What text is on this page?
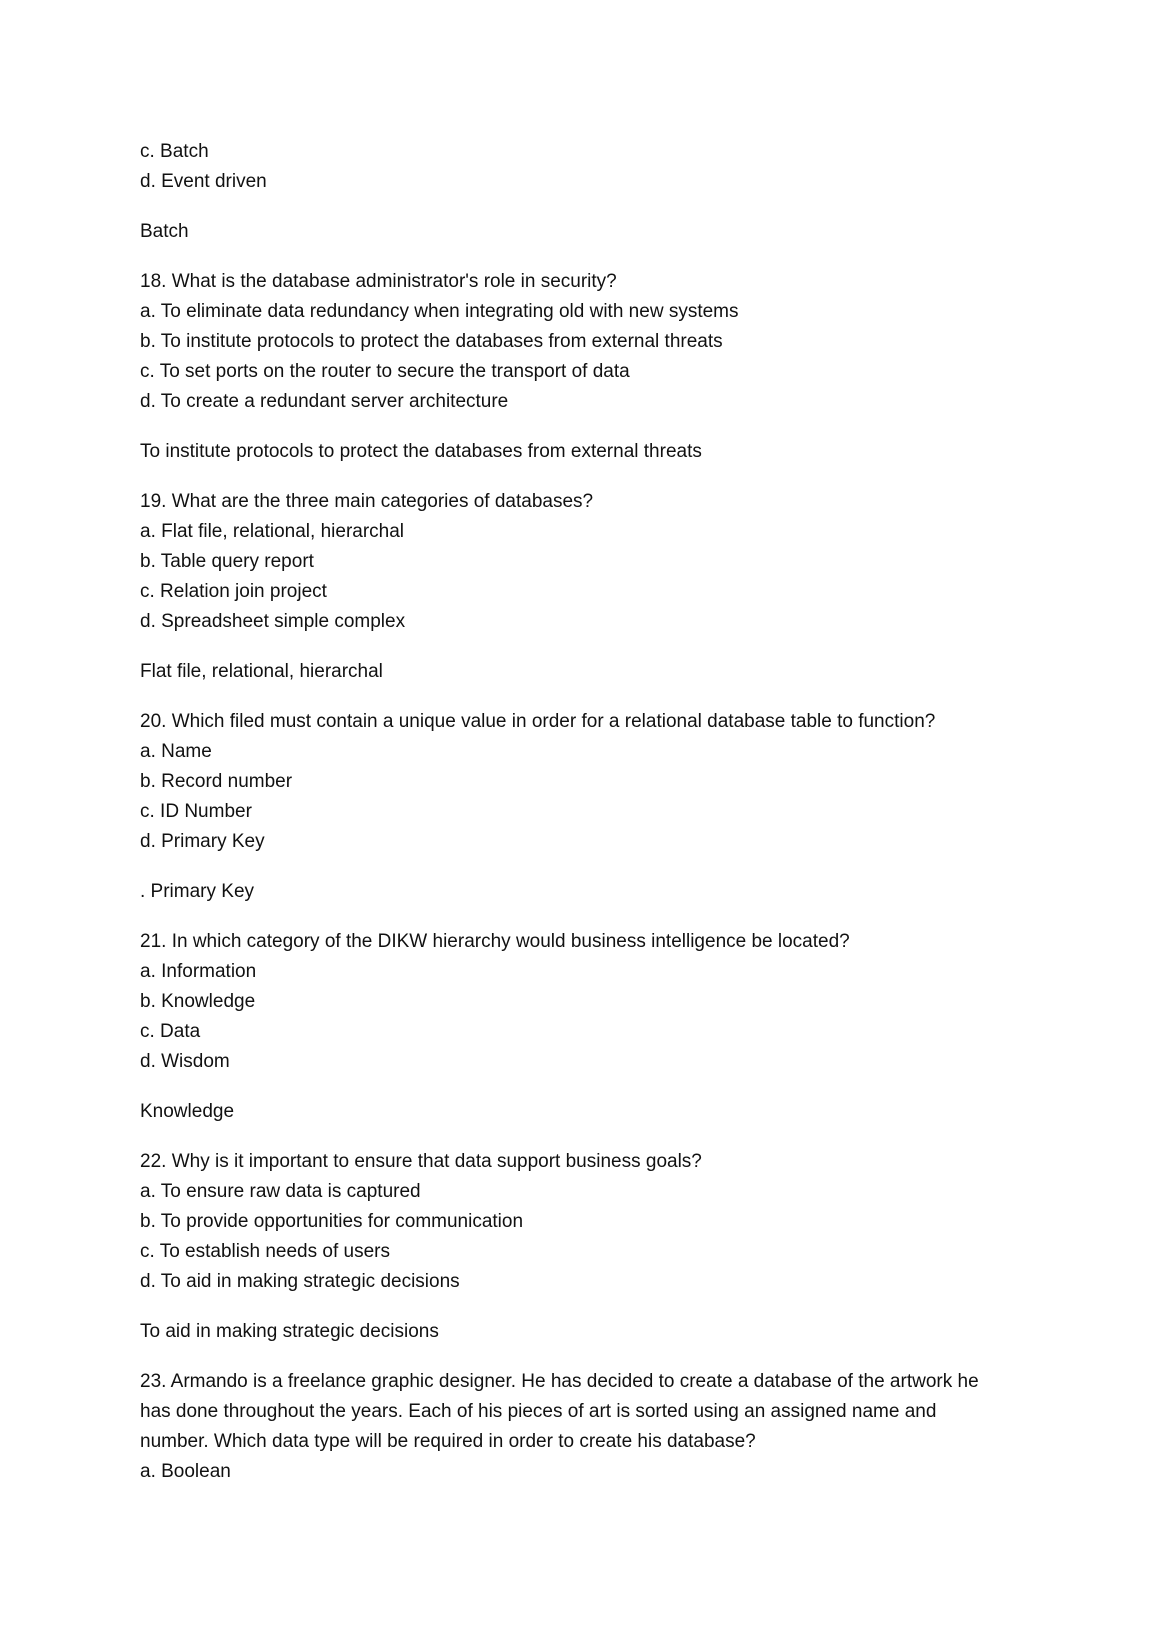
c. Batch
d. Event driven
Batch
18. What is the database administrator's role in security?
a. To eliminate data redundancy when integrating old with new systems
b. To institute protocols to protect the databases from external threats
c. To set ports on the router to secure the transport of data
d. To create a redundant server architecture
To institute protocols to protect the databases from external threats
19. What are the three main categories of databases?
a. Flat file, relational, hierarchal
b. Table query report
c. Relation join project
d. Spreadsheet simple complex
Flat file, relational, hierarchal
20. Which filed must contain a unique value in order for a relational database table to function?
a. Name
b. Record number
c. ID Number
d. Primary Key
. Primary Key
21. In which category of the DIKW hierarchy would business intelligence be located?
a. Information
b. Knowledge
c. Data
d. Wisdom
Knowledge
22. Why is it important to ensure that data support business goals?
a. To ensure raw data is captured
b. To provide opportunities for communication
c. To establish needs of users
d. To aid in making strategic decisions
To aid in making strategic decisions
23. Armando is a freelance graphic designer. He has decided to create a database of the artwork he
has done throughout the years. Each of his pieces of art is sorted using an assigned name and
number. Which data type will be required in order to create his database?
a. Boolean
